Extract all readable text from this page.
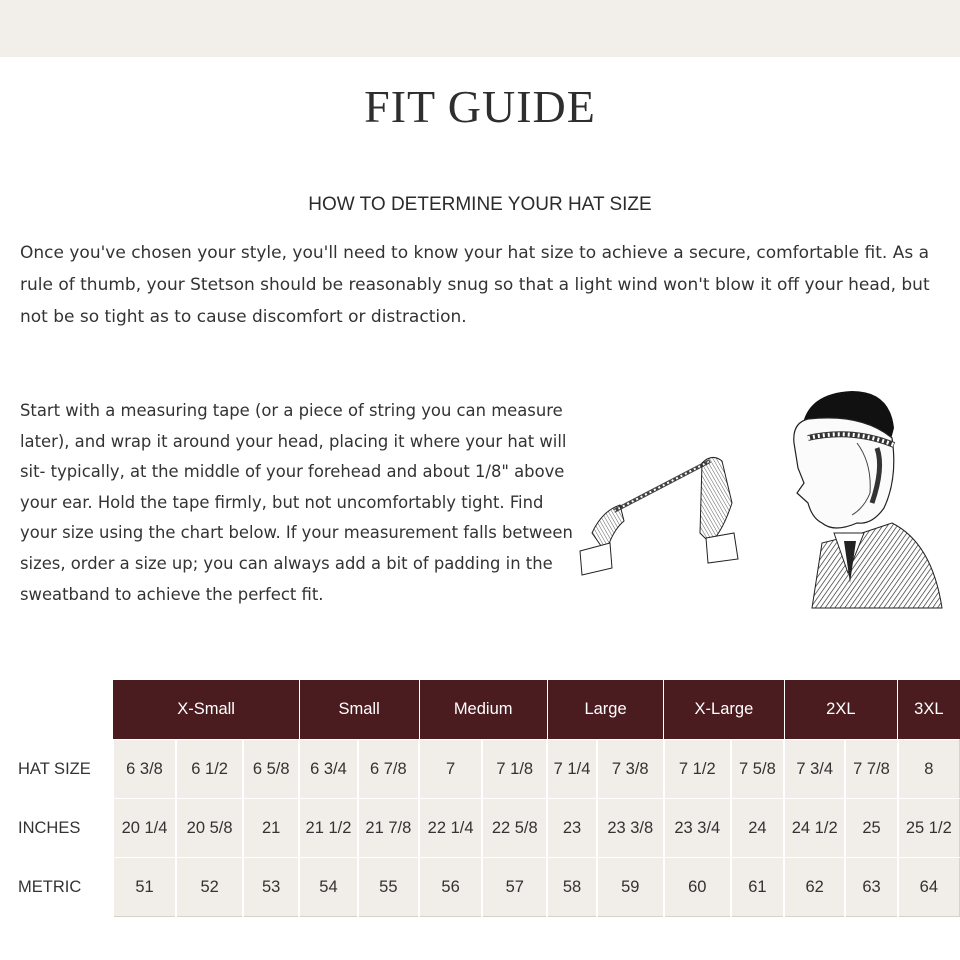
FIT GUIDE
HOW TO DETERMINE YOUR HAT SIZE

Once you've chosen your style, you'll need to know your hat size to achieve a secure, comfortable fit. As a rule of thumb, your Stetson should be reasonably snug so that a light wind won't blow it off your head, but not be so tight as to cause discomfort or distraction.

Start with a measuring tape (or a piece of string you can measure later), and wrap it around your head, placing it where your hat will sit- typically, at the middle of your forehead and about 1/8" above your ear. Hold the tape firmly, but not uncomfortably tight. Find your size using the chart below. If your measurement falls between sizes, order a size up; you can always add a bit of padding in the sweatband to achieve the perfect fit.

	X-Small			Small		Medium		Large		X-Large		2XL		3XL
HAT SIZE	6 3/8	6 1/2	6 5/8	6 3/4	6 7/8	7	7 1/8	7 1/4	7 3/8	7 1/2	7 5/8	7 3/4	7 7/8	8
INCHES	20 1/4	20 5/8	21	21 1/2	21 7/8	22 1/4	22 5/8	23	23 3/8	23 3/4	24	24 1/2	25	25 1/2
METRIC	51	52	53	54	55	56	57	58	59	60	61	62	63	64
